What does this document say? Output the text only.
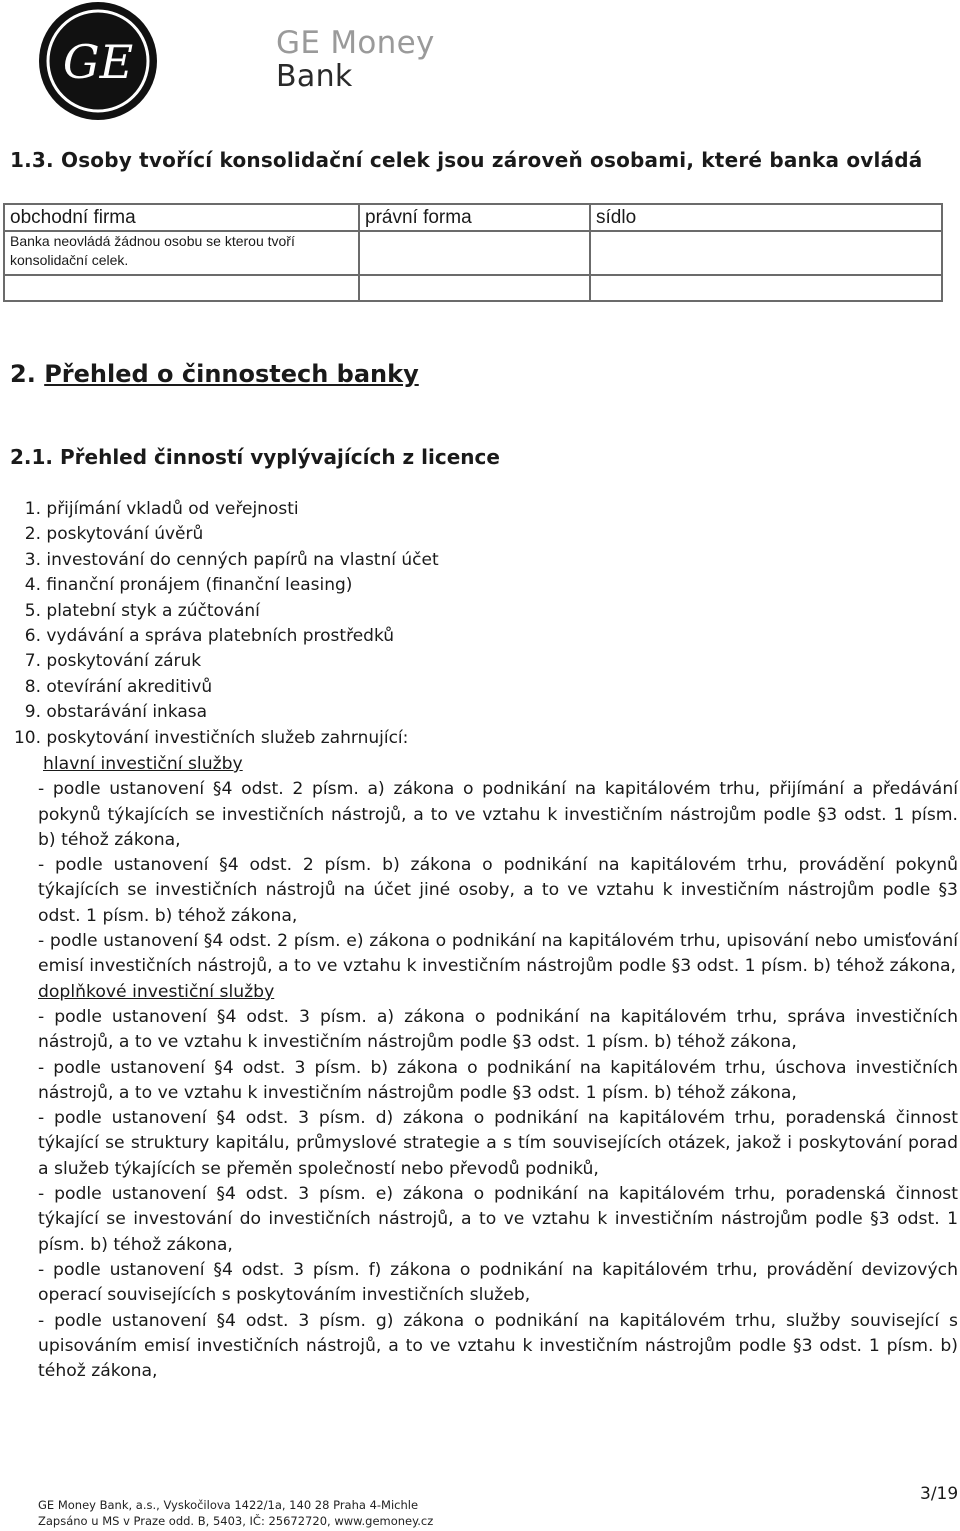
GE	GE Money
Bank
1.3. Osoby tvořící konsolidační celek jsou zároveň osobami, které banka ovládá
obchodní firma	právní forma	sídlo
Banka neovládá žádnou osobu se kterou tvoří konsolidační celek.		

2. Přehled o činnostech banky
2.1. Přehled činností vyplývajících z licence
1. přijímání vkladů od veřejnosti
2. poskytování úvěrů
3. investování do cenných papírů na vlastní účet
4. finanční pronájem (finanční leasing)
5. platební styk a zúčtování
6. vydávání a správa platebních prostředků
7. poskytování záruk
8. otevírání akreditivů
9. obstarávání inkasa
10. poskytování investičních služeb zahrnující:
hlavní investiční služby
- podle ustanovení §4 odst. 2 písm. a) zákona o podnikání na kapitálovém trhu, přijímání a předávání pokynů týkajících se investičních nástrojů, a to ve vztahu k investičním nástrojům podle §3 odst. 1 písm. b) téhož zákona,
- podle ustanovení §4 odst. 2 písm. b) zákona o podnikání na kapitálovém trhu, provádění pokynů týkajících se investičních nástrojů na účet jiné osoby, a to ve vztahu k investičním nástrojům podle §3 odst. 1 písm. b) téhož zákona,
- podle ustanovení §4 odst. 2 písm. e) zákona o podnikání na kapitálovém trhu, upisování nebo umisťování emisí investičních nástrojů, a to ve vztahu k investičním nástrojům podle §3 odst. 1 písm. b) téhož zákona,
doplňkové investiční služby
- podle ustanovení §4 odst. 3 písm. a) zákona o podnikání na kapitálovém trhu, správa investičních nástrojů, a to ve vztahu k investičním nástrojům podle §3 odst. 1 písm. b) téhož zákona,
- podle ustanovení §4 odst. 3 písm. b) zákona o podnikání na kapitálovém trhu, úschova investičních nástrojů, a to ve vztahu k investičním nástrojům podle §3 odst. 1 písm. b) téhož zákona,
- podle ustanovení §4 odst. 3 písm. d) zákona o podnikání na kapitálovém trhu, poradenská činnost týkající se struktury kapitálu, průmyslové strategie a s tím souvisejících otázek, jakož i poskytování porad a služeb týkajících se přeměn společností nebo převodů podniků,
- podle ustanovení §4 odst. 3 písm. e) zákona o podnikání na kapitálovém trhu, poradenská činnost týkající se investování do investičních nástrojů, a to ve vztahu k investičním nástrojům podle §3 odst. 1 písm. b) téhož zákona,
- podle ustanovení §4 odst. 3 písm. f) zákona o podnikání na kapitálovém trhu, provádění devizových operací souvisejících s poskytováním investičních služeb,
- podle ustanovení §4 odst. 3 písm. g) zákona o podnikání na kapitálovém trhu, služby související s upisováním emisí investičních nástrojů, a to ve vztahu k investičním nástrojům podle §3 odst. 1 písm. b) téhož zákona,
GE Money Bank, a.s., Vyskočilova 1422/1a, 140 28 Praha 4-Michle
Zapsáno u MS v Praze odd. B, 5403, IČ: 25672720, www.gemoney.cz
3/19
